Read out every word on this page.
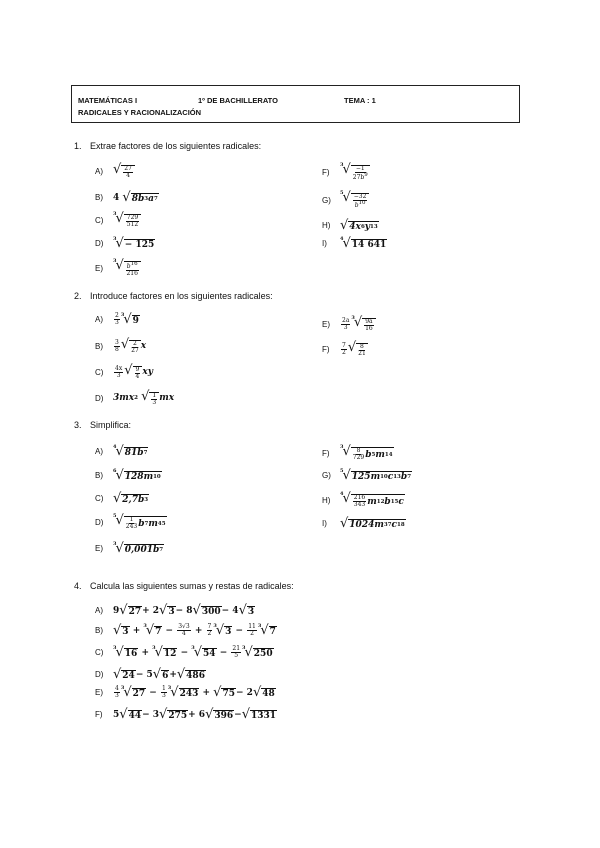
MATEMÁTICAS I	1º DE BACHILLERATO	TEMA : 1
RADICALES Y RACIONALIZACIÓN
1. Extrae factores de los siguientes radicales:
A) √ 27
4
B)	4
√ 8b 3 a 7
C)
3 √ 729
512
D)	3 √ − 125
E)
3 √ $b^{16}$
216
F)
3 √ −1
$27b^9$
G)
5 √ −32
$b^{10}$
H) √ 4x 6 y 13
I)	4 √ 14 641
2. Introduce factores en los siguientes radicales:
A)	2
3
3 √ 9
B)	3
8 √ 2
27 x
C)	4x
3 √ 9
4 xy
D)	3mx 2
√ 1
3 mx
E)	2a
3
3 √ 9a
16
F)	7
2 √ 8
21
3. Simplifica:
A)	4 √ 81b 7
B)	6 √ 128m 10
C) √ 2,7b 3
D)
5 √ 1
243 b 7 m 45
E)	3 √ 0,001b 7
F)
3 √ 8
729 b 5 m 14
G)	5 √ 125m 10 c 13 b 7
H)
4 √ 216
343 m 12 b 15 c
I)	√ 1024m 37 c 18
4. Calcula las siguientes sumas y restas de radicales:
A)	9 √ 27 + 2 √ 3 − 8 √ 300 − 4 √ 3
B) √ 3 + 3 √ 7 − 3√3
4 + 7
2
3 √ 3 − 11
2
3 √ 7
C)	3 √ 16 + 3 √ 12 − 3 √ 54 − 21
5
3 √ 250
D) √ 24 − 5 √ 6 + √ 486
E)	4
3
3 √ 27 − 1
3
3 √ 243 + √ 75 − 2 √ 48
F)	5 √ 44 − 3 √ 275 + 6 √ 396 − √ 1331
